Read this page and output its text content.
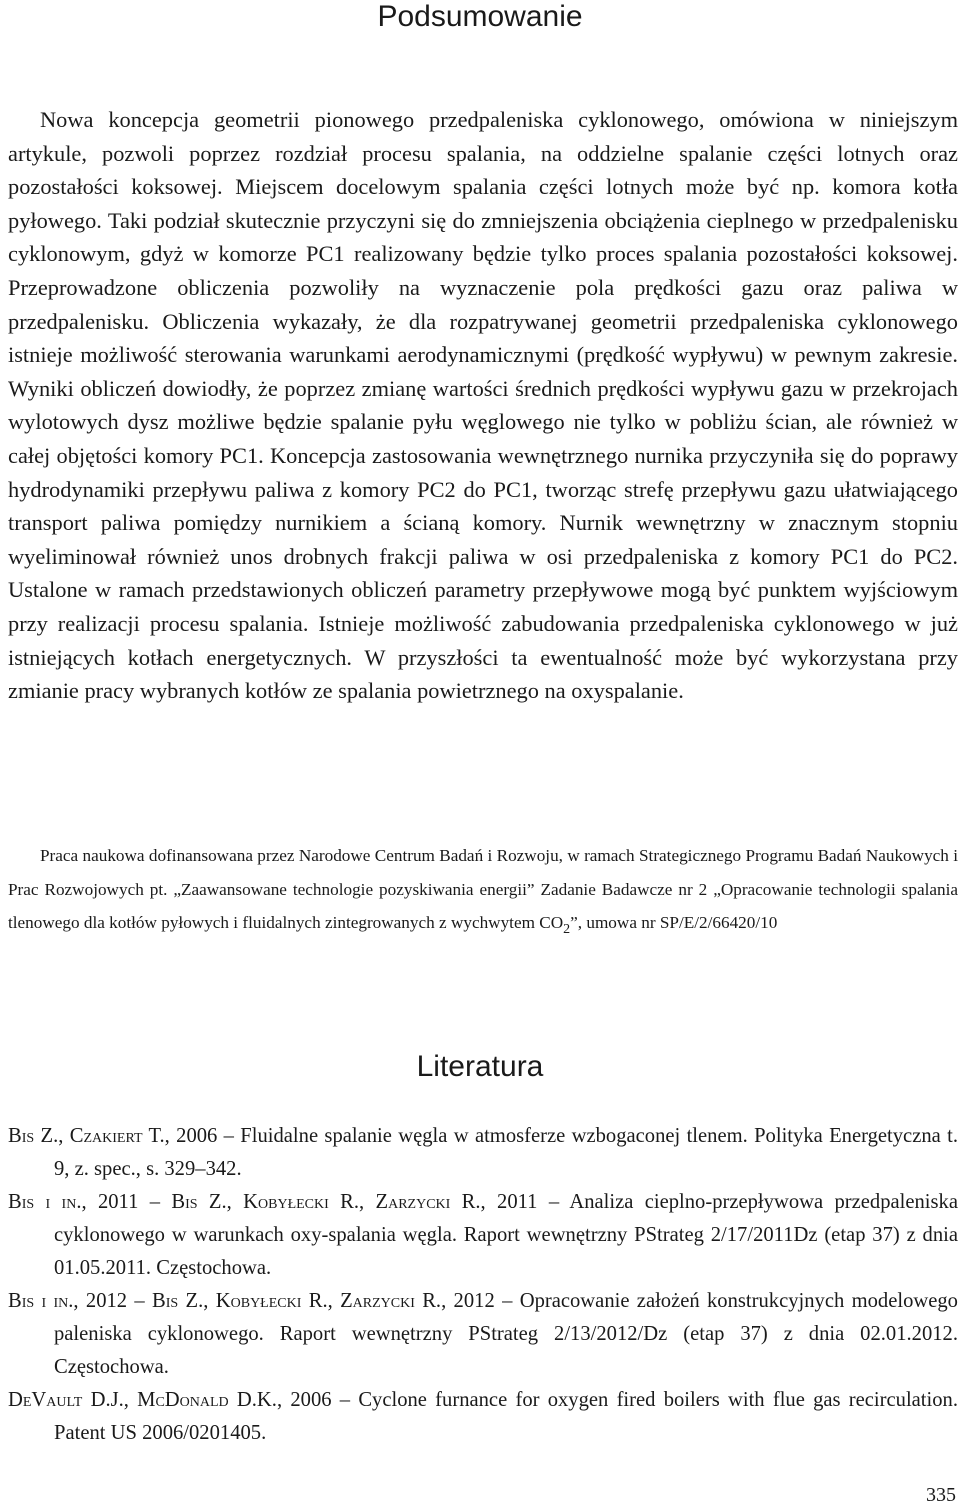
Podsumowanie

Nowa koncepcja geometrii pionowego przedpaleniska cyklonowego, omówiona w niniejszym artykule, pozwoli poprzez rozdział procesu spalania, na oddzielne spalanie części lotnych oraz pozostałości koksowej. Miejscem docelowym spalania części lotnych może być np. komora kotła pyłowego. Taki podział skutecznie przyczyni się do zmniejszenia obciążenia cieplnego w przedpalenisku cyklonowym, gdyż w komorze PC1 realizowany będzie tylko proces spalania pozostałości koksowej. Przeprowadzone obliczenia pozwoliły na wyznaczenie pola prędkości gazu oraz paliwa w przedpalenisku. Obliczenia wykazały, że dla rozpatrywanej geometrii przedpaleniska cyklonowego istnieje możliwość sterowania warunkami aerodynamicznymi (prędkość wypływu) w pewnym zakresie. Wyniki obliczeń dowiodły, że poprzez zmianę wartości średnich prędkości wypływu gazu w przekrojach wylotowych dysz możliwe będzie spalanie pyłu węglowego nie tylko w pobliżu ścian, ale również w całej objętości komory PC1. Koncepcja zastosowania wewnętrznego nurnika przyczyniła się do poprawy hydrodynamiki przepływu paliwa z komory PC2 do PC1, tworząc strefę przepływu gazu ułatwiającego transport paliwa pomiędzy nurnikiem a ścianą komory. Nurnik wewnętrzny w znacznym stopniu wyeliminował również unos drobnych frakcji paliwa w osi przedpaleniska z komory PC1 do PC2. Ustalone w ramach przedstawionych obliczeń parametry przepływowe mogą być punktem wyjściowym przy realizacji procesu spalania. Istnieje możliwość zabudowania przedpaleniska cyklonowego w już istniejących kotłach energetycznych. W przyszłości ta ewentualność może być wykorzystana przy zmianie pracy wybranych kotłów ze spalania powietrznego na oxyspalanie.

Praca naukowa dofinansowana przez Narodowe Centrum Badań i Rozwoju, w ramach Strategicznego Programu Badań Naukowych i Prac Rozwojowych pt. „Zaawansowane technologie pozyskiwania energii” Zadanie Badawcze nr 2 „Opracowanie technologii spalania tlenowego dla kotłów pyłowych i fluidalnych zintegrowanych z wychwytem $CO_2$”, umowa nr SP/E/2/66420/10

Literatura
Bis Z., Czakiert T., 2006 – Fluidalne spalanie węgla w atmosferze wzbogaconej tlenem. Polityka Energetyczna t. 9, z. spec., s. 329–342.
Bis i in., 2011 – Bis Z., Kobyłecki R., Zarzycki R., 2011 – Analiza cieplno-przepływowa przedpaleniska cyklonowego w warunkach oxy-spalania węgla. Raport wewnętrzny PStrateg 2/17/2011Dz (etap 37) z dnia 01.05.2011. Częstochowa.
Bis i in., 2012 – Bis Z., Kobyłecki R., Zarzycki R., 2012 – Opracowanie założeń konstrukcyjnych modelowego paleniska cyklonowego. Raport wewnętrzny PStrateg 2/13/2012/Dz (etap 37) z dnia 02.01.2012. Częstochowa.
DeVault D.J., McDonald D.K., 2006 – Cyclone furnance for oxygen fired boilers with flue gas recirculation. Patent US 2006/0201405.
335
